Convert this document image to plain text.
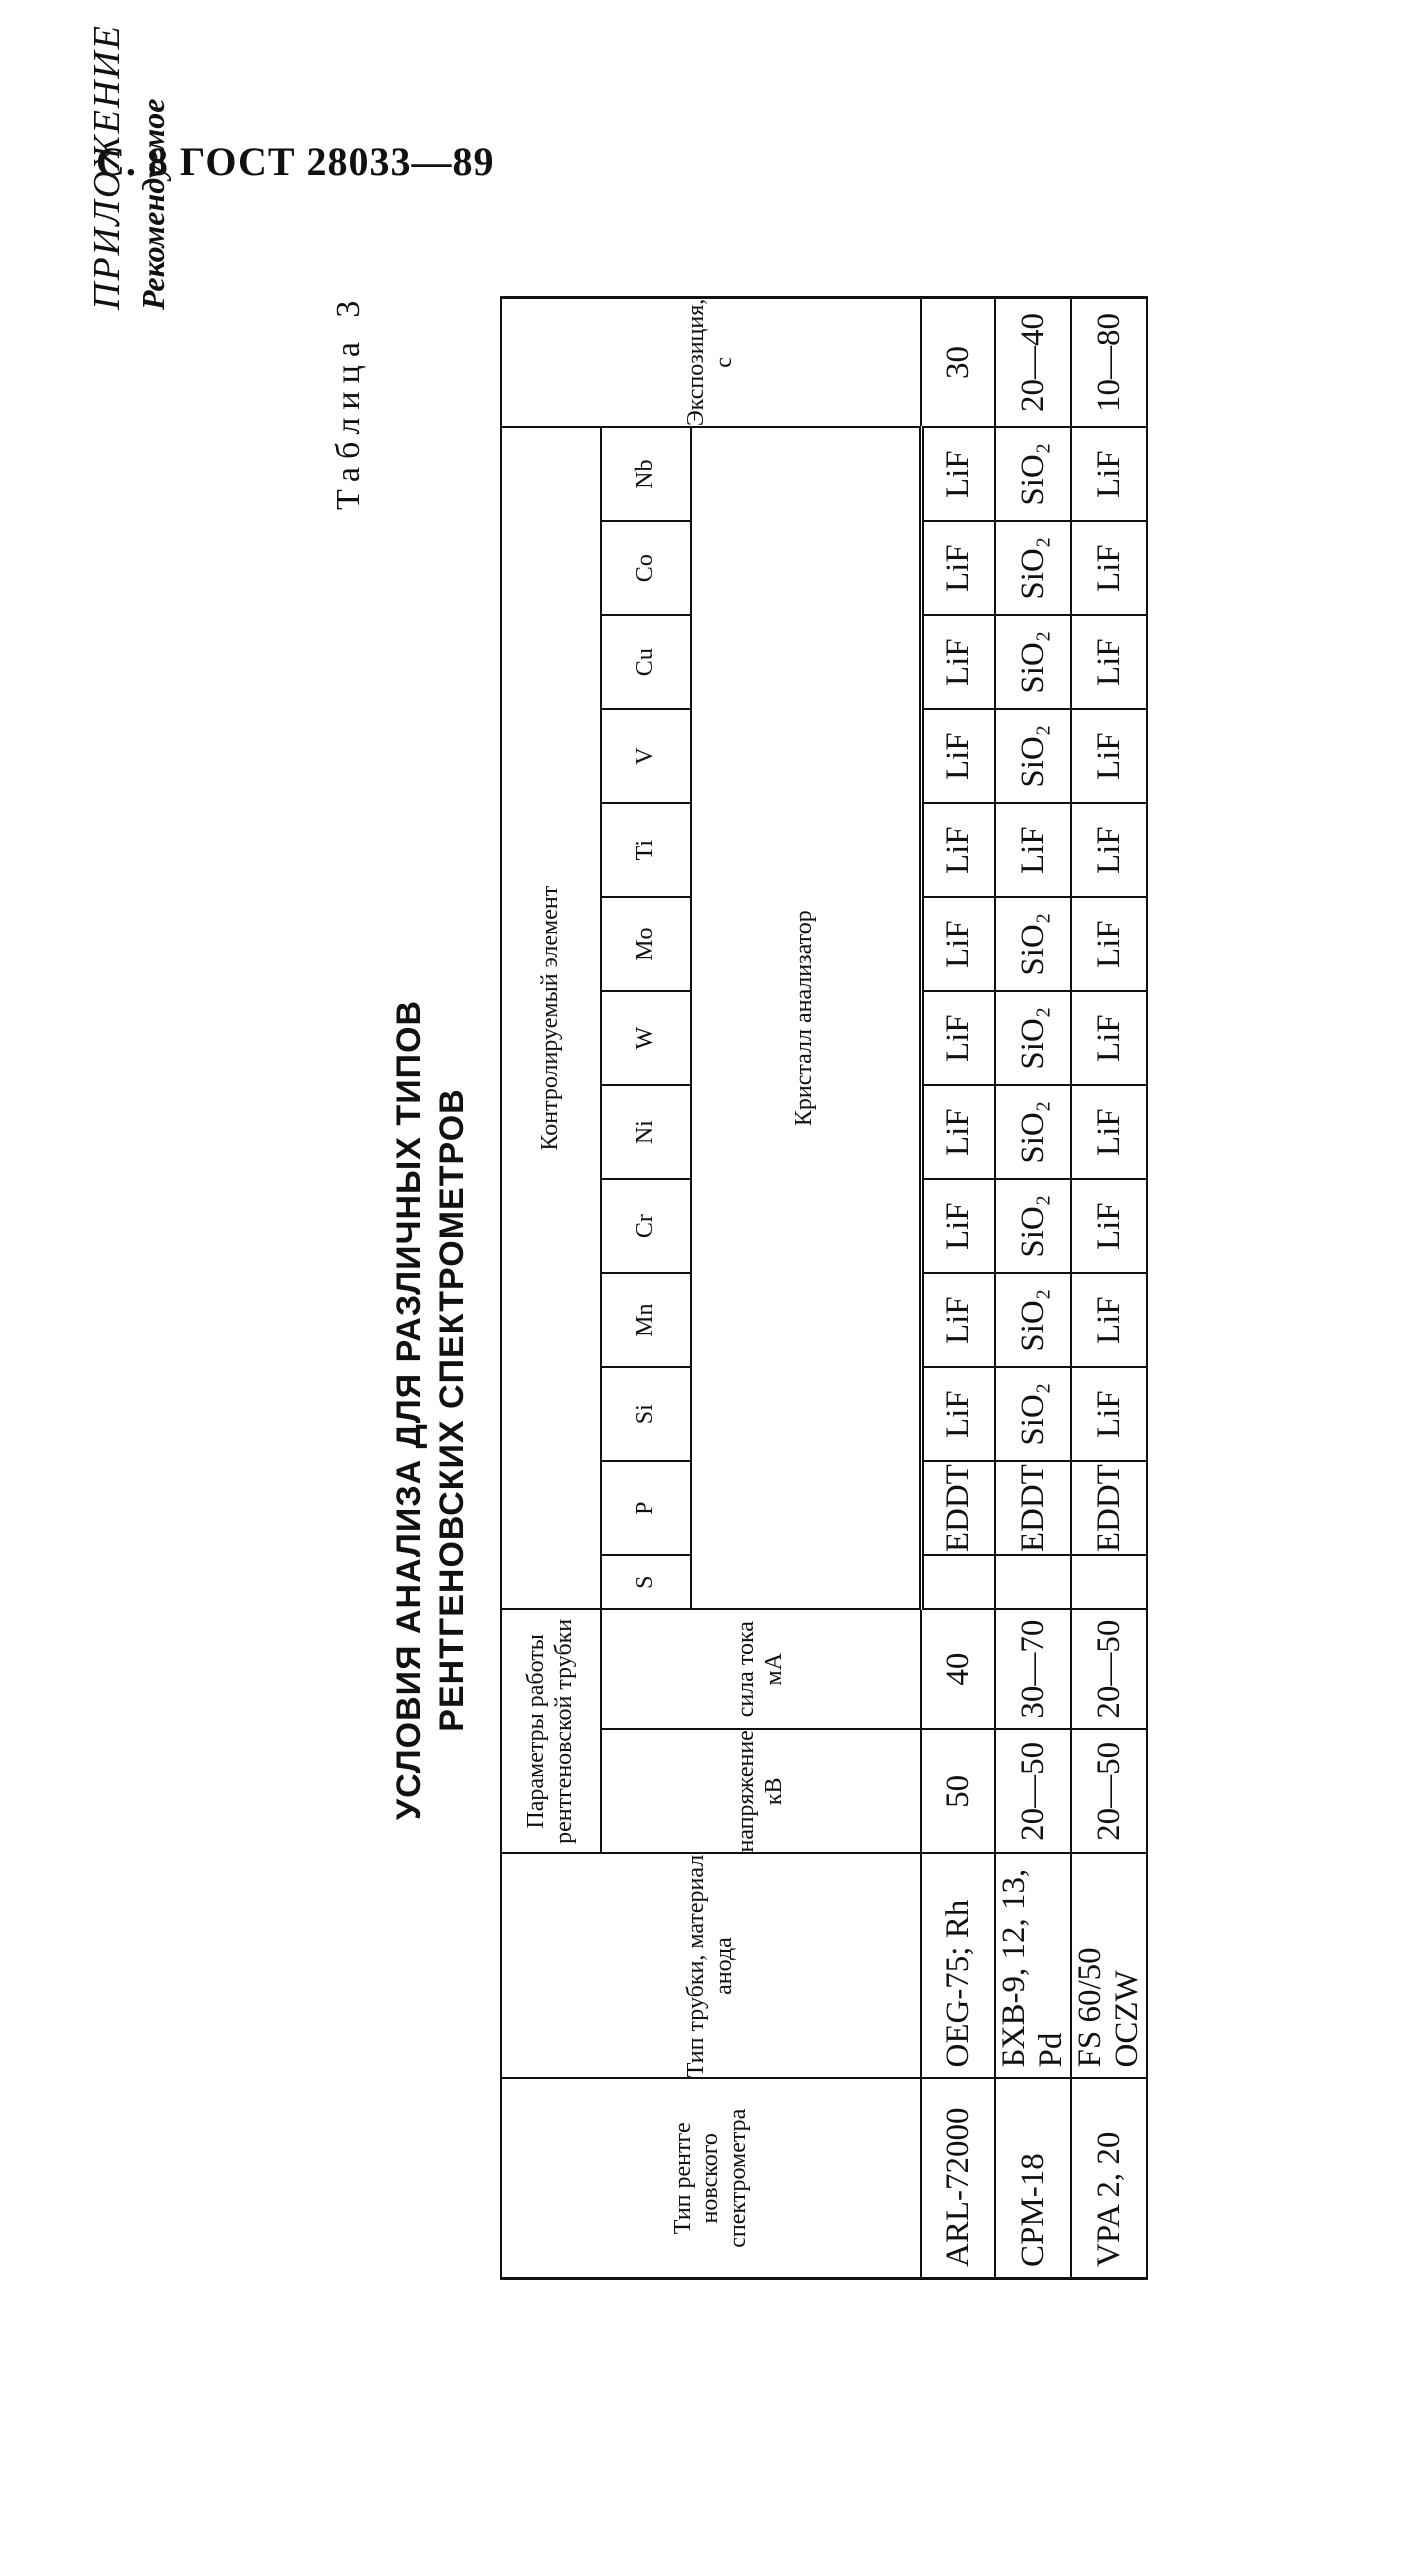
С. 8 ГОСТ 28033—89
ПРИЛОЖЕНИЕ Рекомендуемое
Таблица 3
УСЛОВИЯ АНАЛИЗА ДЛЯ РАЗЛИЧНЫХ ТИПОВ РЕНТГЕНОВСКИХ СПЕКТРОМЕТРОВ
Тип рентге новского спектрометра	Тип трубки, материал анода	Параметры работы рентгеновской трубки		Контролируемый элемент													Экспозиция, с
		напряжение кВ	сила тока мА	S	P	Si	Mn	Cr	Ni	W	Mo	Ti	V	Cu	Co	Nb	
				Кристалл анализатор													
ARL-72000	OEG-75; Rh	50	40		EDDT	LiF	LiF	LiF	LiF	LiF	LiF	LiF	LiF	LiF	LiF	LiF	30
CPM-18	БХВ-9, 12, 13, Pd	20—50	30—70		EDDT	SiO₂	SiO₂	SiO₂	SiO₂	SiO₂	SiO₂	LiF	SiO₂	SiO₂	SiO₂	SiO₂	20—40
VPA 2, 20	FS 60/50 OCZW	20—50	20—50		EDDT	LiF	LiF	LiF	LiF	LiF	LiF	LiF	LiF	LiF	LiF	LiF	10—80
